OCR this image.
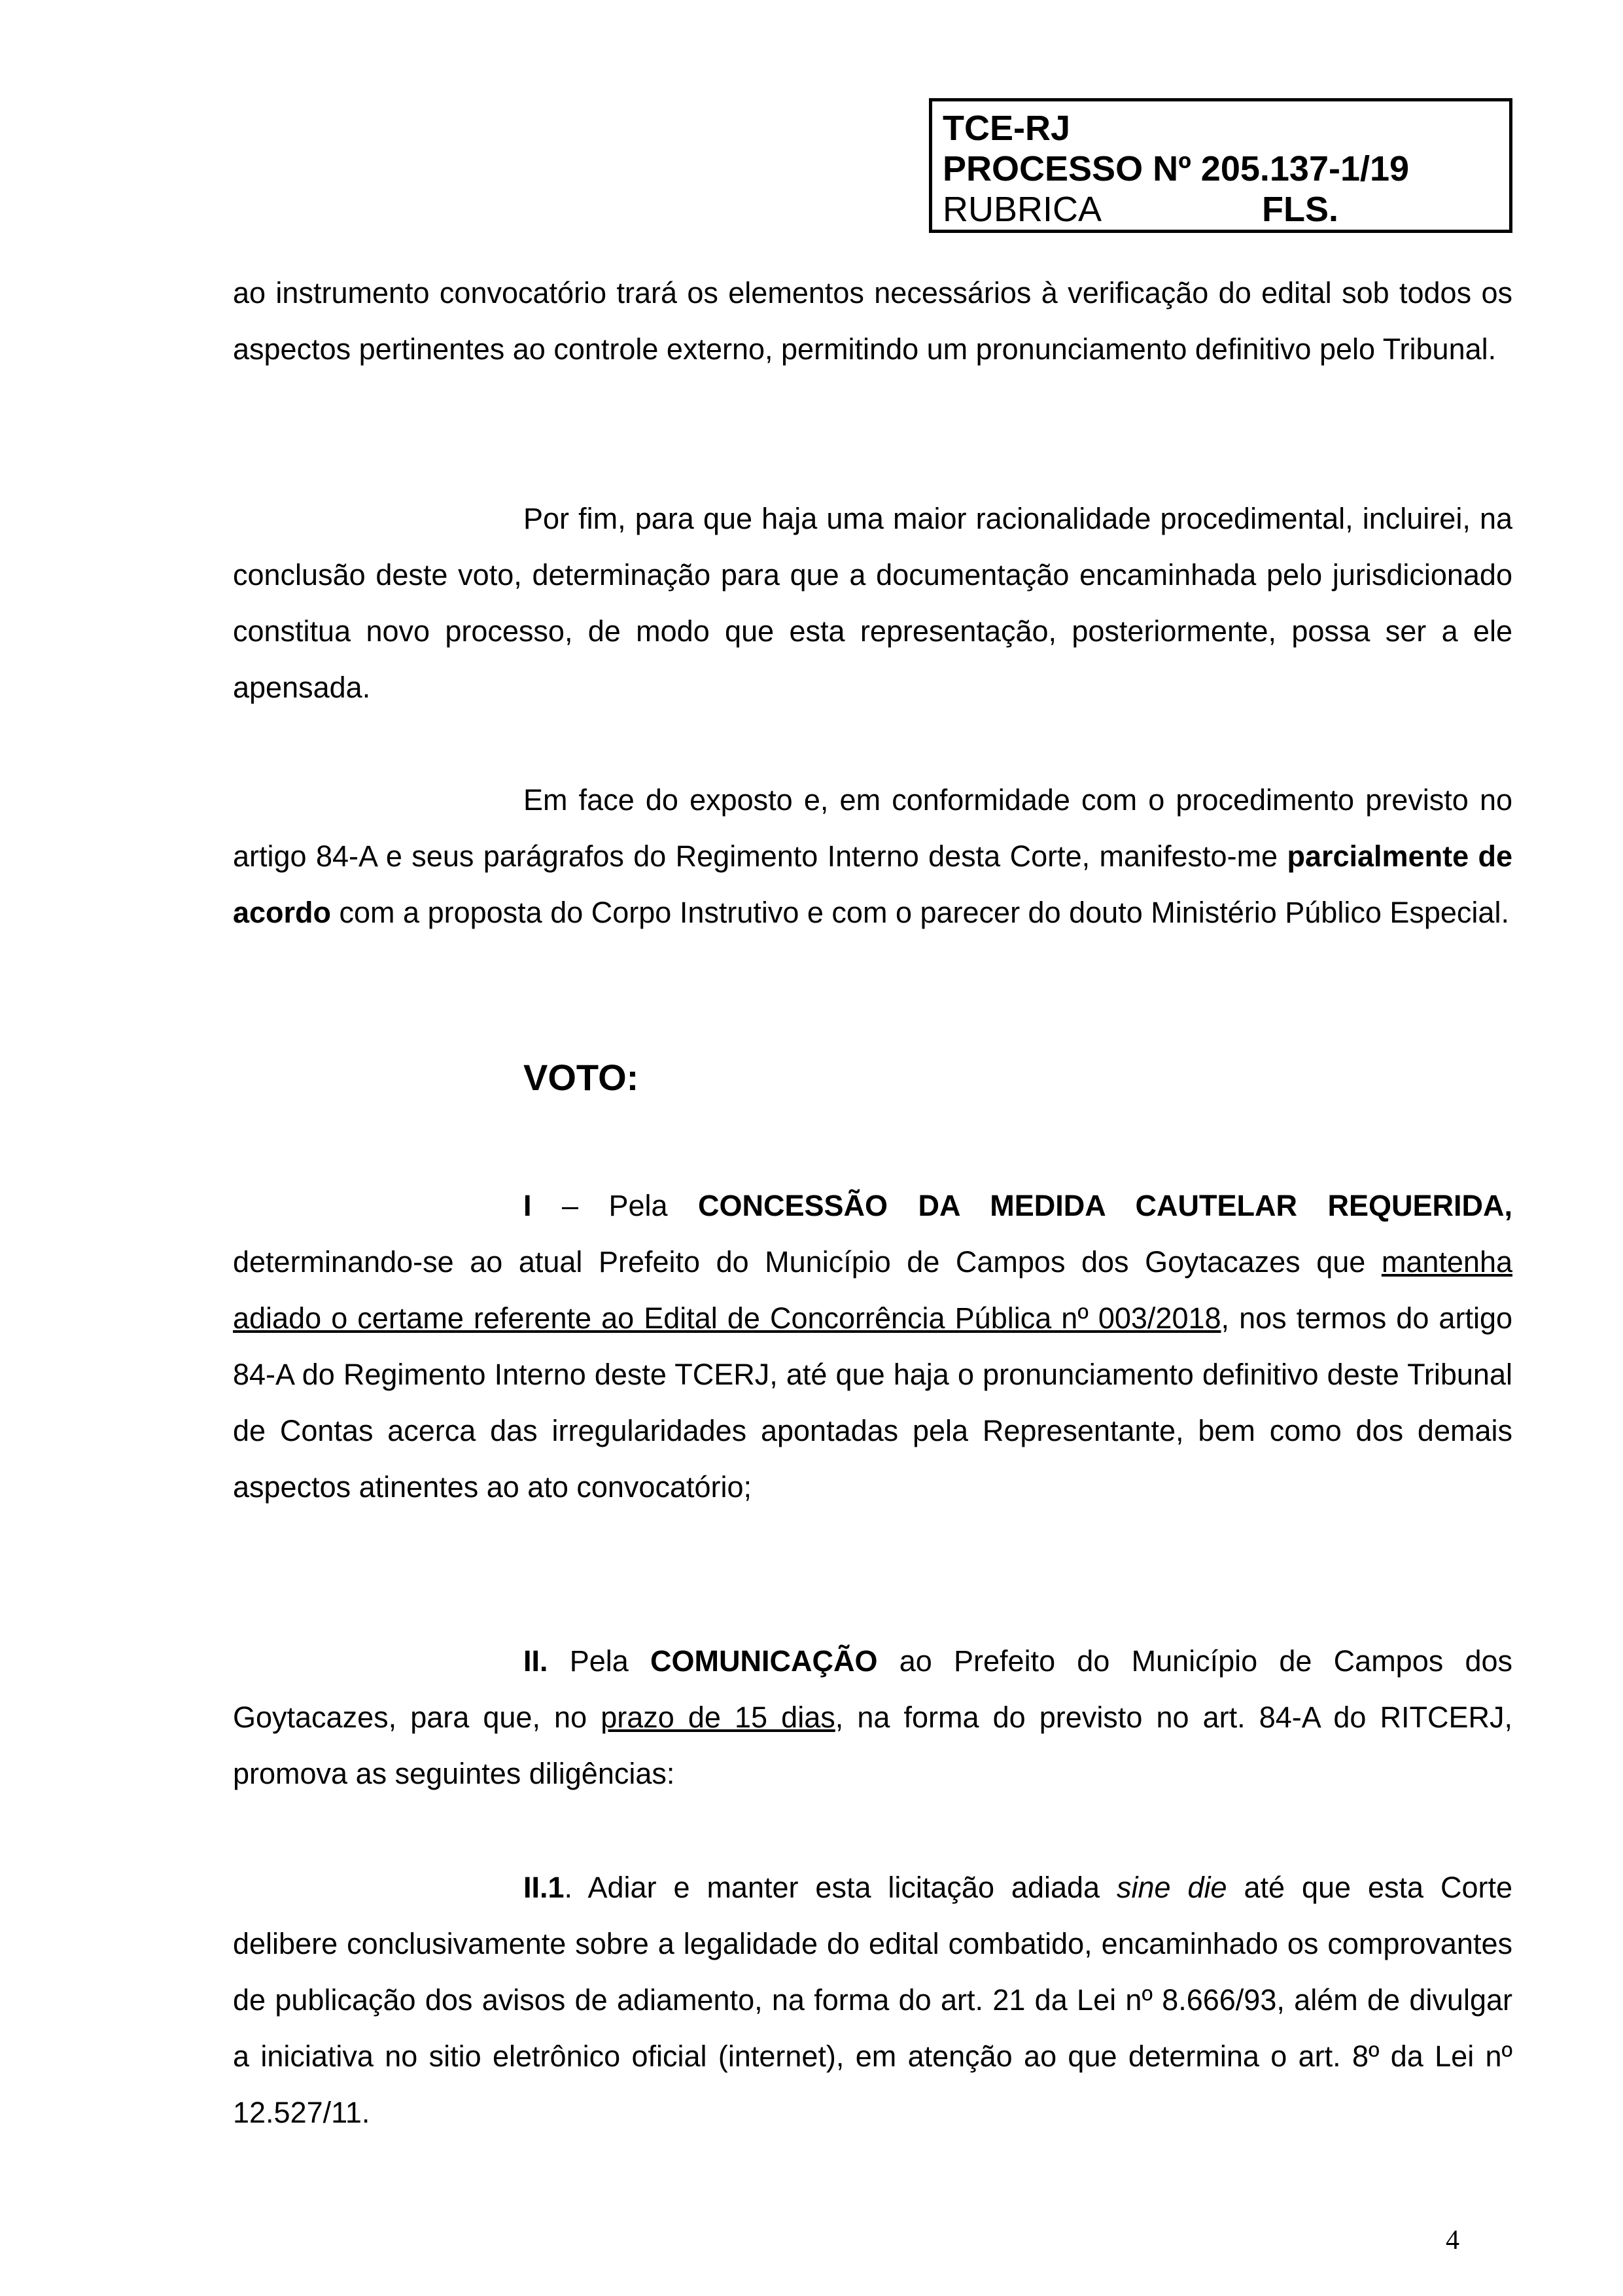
TCE-RJ
PROCESSO Nº 205.137-1/19
RUBRICA	FLS.

ao instrumento convocatório trará os elementos necessários à verificação do edital sob todos os aspectos pertinentes ao controle externo, permitindo um pronunciamento definitivo pelo Tribunal.

Por fim, para que haja uma maior racionalidade procedimental, incluirei, na conclusão deste voto, determinação para que a documentação encaminhada pelo jurisdicionado constitua novo processo, de modo que esta representação, posteriormente, possa ser a ele apensada.

Em face do exposto e, em conformidade com o procedimento previsto no artigo 84-A e seus parágrafos do Regimento Interno desta Corte, manifesto-me parcialmente de acordo com a proposta do Corpo Instrutivo e com o parecer do douto Ministério Público Especial.

VOTO:

I – Pela CONCESSÃO DA MEDIDA CAUTELAR REQUERIDA, determinando-se ao atual Prefeito do Município de Campos dos Goytacazes que mantenha adiado o certame referente ao Edital de Concorrência Pública nº 003/2018, nos termos do artigo 84-A do Regimento Interno deste TCERJ, até que haja o pronunciamento definitivo deste Tribunal de Contas acerca das irregularidades apontadas pela Representante, bem como dos demais aspectos atinentes ao ato convocatório;

II. Pela COMUNICAÇÃO ao Prefeito do Município de Campos dos Goytacazes, para que, no prazo de 15 dias, na forma do previsto no art. 84-A do RITCERJ, promova as seguintes diligências:

II.1. Adiar e manter esta licitação adiada sine die até que esta Corte delibere conclusivamente sobre a legalidade do edital combatido, encaminhado os comprovantes de publicação dos avisos de adiamento, na forma do art. 21 da Lei nº 8.666/93, além de divulgar a iniciativa no sitio eletrônico oficial (internet), em atenção ao que determina o art. 8º da Lei nº 12.527/11.

4
